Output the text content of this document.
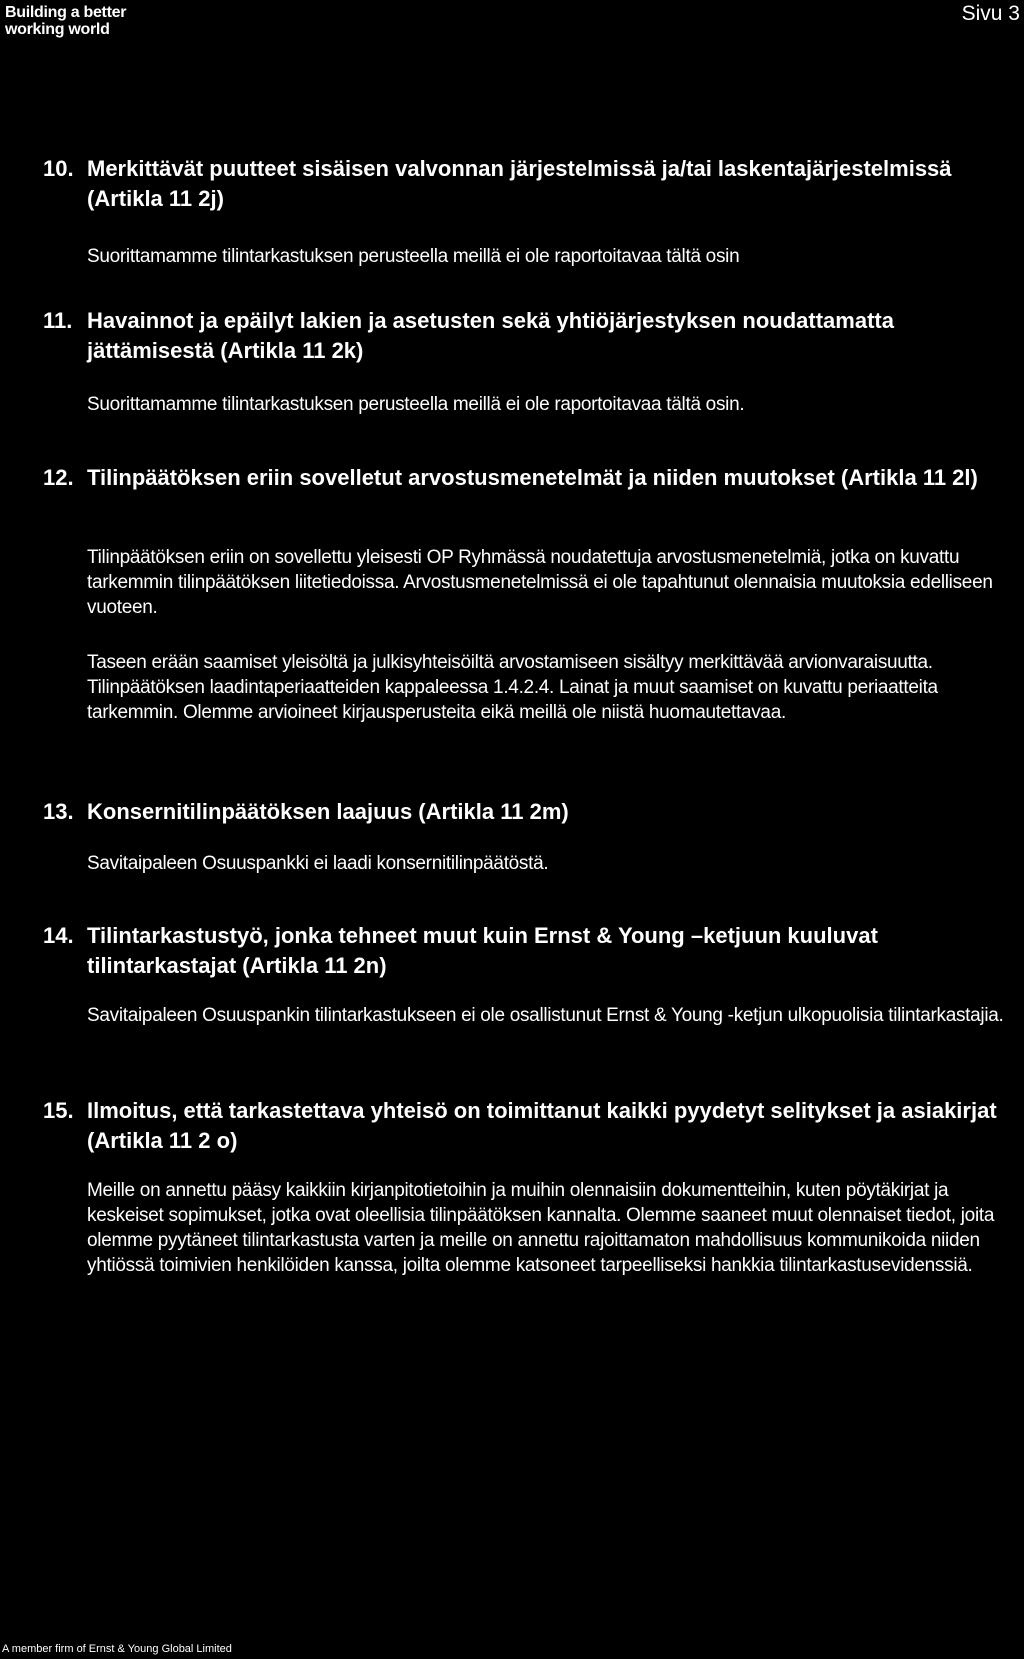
Building a better
working world
Sivu 3
10. Merkittävät puutteet sisäisen valvonnan järjestelmissä ja/tai laskentajärjestelmissä (Artikla 11 2j)
Suorittamamme tilintarkastuksen perusteella meillä ei ole raportoitavaa tältä osin
11. Havainnot ja epäilyt lakien ja asetusten sekä yhtiöjärjestyksen noudattamatta jättämisestä (Artikla 11 2k)
Suorittamamme tilintarkastuksen perusteella meillä ei ole raportoitavaa tältä osin.
12. Tilinpäätöksen eriin sovelletut arvostusmenetelmät ja niiden muutokset (Artikla 11 2l)
Tilinpäätöksen eriin on sovellettu yleisesti OP Ryhmässä noudatettuja arvostusmenetelmiä, jotka on kuvattu tarkemmin tilinpäätöksen liitetiedoissa. Arvostusmenetelmissä ei ole tapahtunut olennaisia muutoksia edelliseen vuoteen.
Taseen erään saamiset yleisöltä ja julkisyhteisöiltä arvostamiseen sisältyy merkittävää arvionvaraisuutta. Tilinpäätöksen laadintaperiaatteiden kappaleessa 1.4.2.4. Lainat ja muut saamiset on kuvattu periaatteita tarkemmin. Olemme arvioineet kirjausperusteita eikä meillä ole niistä huomautettavaa.
13. Konsernitilinpäätöksen laajuus (Artikla 11 2m)
Savitaipaleen Osuuspankki ei laadi konsernitilinpäätöstä.
14. Tilintarkastustyö, jonka tehneet muut kuin Ernst & Young –ketjuun kuuluvat tilintarkastajat (Artikla 11 2n)
Savitaipaleen Osuuspankin tilintarkastukseen ei ole osallistunut Ernst & Young -ketjun ulkopuolisia tilintarkastajia.
15. Ilmoitus, että tarkastettava yhteisö on toimittanut kaikki pyydetyt selitykset ja asiakirjat (Artikla 11 2 o)
Meille on annettu pääsy kaikkiin kirjanpitotietoihin ja muihin olennaisiin dokumentteihin, kuten pöytäkirjat ja keskeiset sopimukset, jotka ovat oleellisia tilinpäätöksen kannalta. Olemme saaneet muut olennaiset tiedot, joita olemme pyytäneet tilintarkastusta varten ja meille on annettu rajoittamaton mahdollisuus kommunikoida niiden yhtiössä toimivien henkilöiden kanssa, joilta olemme katsoneet tarpeelliseksi hankkia tilintarkastusevidenssiä.
A member firm of Ernst & Young Global Limited
